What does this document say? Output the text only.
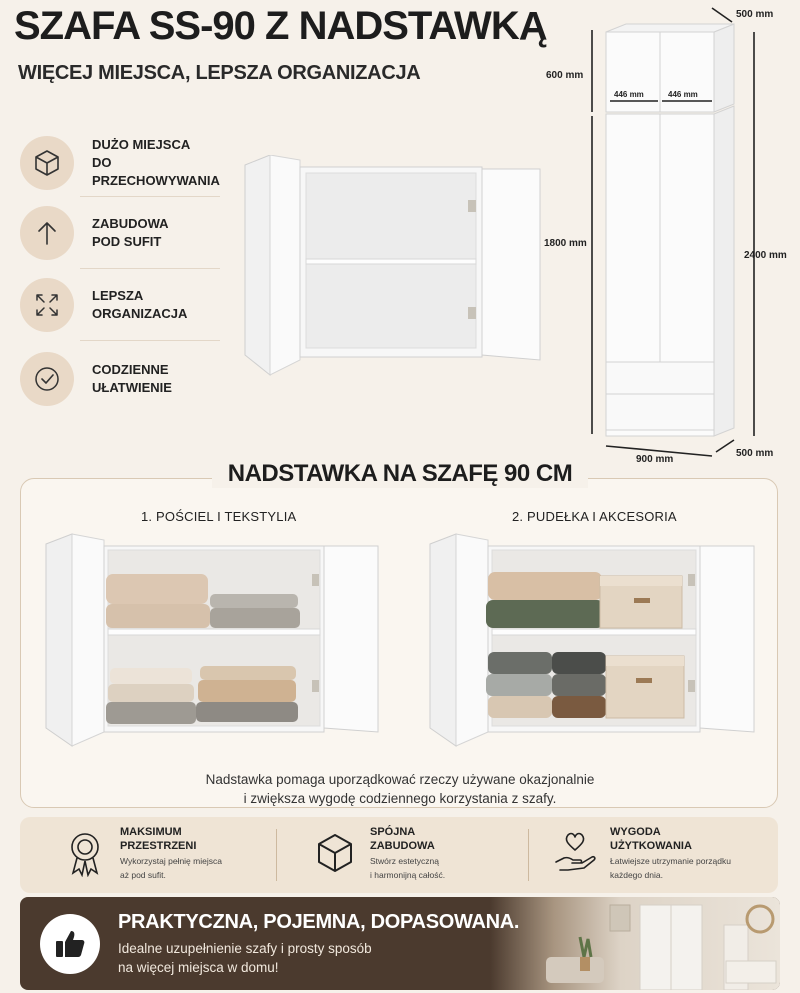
SZAFA SS-90 Z NADSTAWKĄ
WIĘCEJ MIEJSCA, LEPSZA ORGANIZACJA
DUŻO MIEJSCA
DO PRZECHOWYWANIA
ZABUDOWA
POD SUFIT
LEPSZA
ORGANIZACJA
CODZIENNE
UŁATWIENIE
500 mm
600 mm
446 mm	446 mm
1800 mm
2400 mm
900 mm
500 mm
NADSTAWKA NA SZAFĘ 90 CM
1. POŚCIEL I TEKSTYLIA	2. PUDEŁKA I AKCESORIA
Nadstawka pomaga uporządkować rzeczy używane okazjonalnie
i zwiększa wygodę codziennego korzystania z szafy.
MAKSIMUM
PRZESTRZENI
Wykorzystaj pełnię miejsca
aż pod sufit.
SPÓJNA
ZABUDOWA
Stwórz estetyczną
i harmonijną całość.
WYGODA
UŻYTKOWANIA
Łatwiejsze utrzymanie porządku
każdego dnia.
PRAKTYCZNA, POJEMNA, DOPASOWANA.
Idealne uzupełnienie szafy i prosty sposób
na więcej miejsca w domu!
